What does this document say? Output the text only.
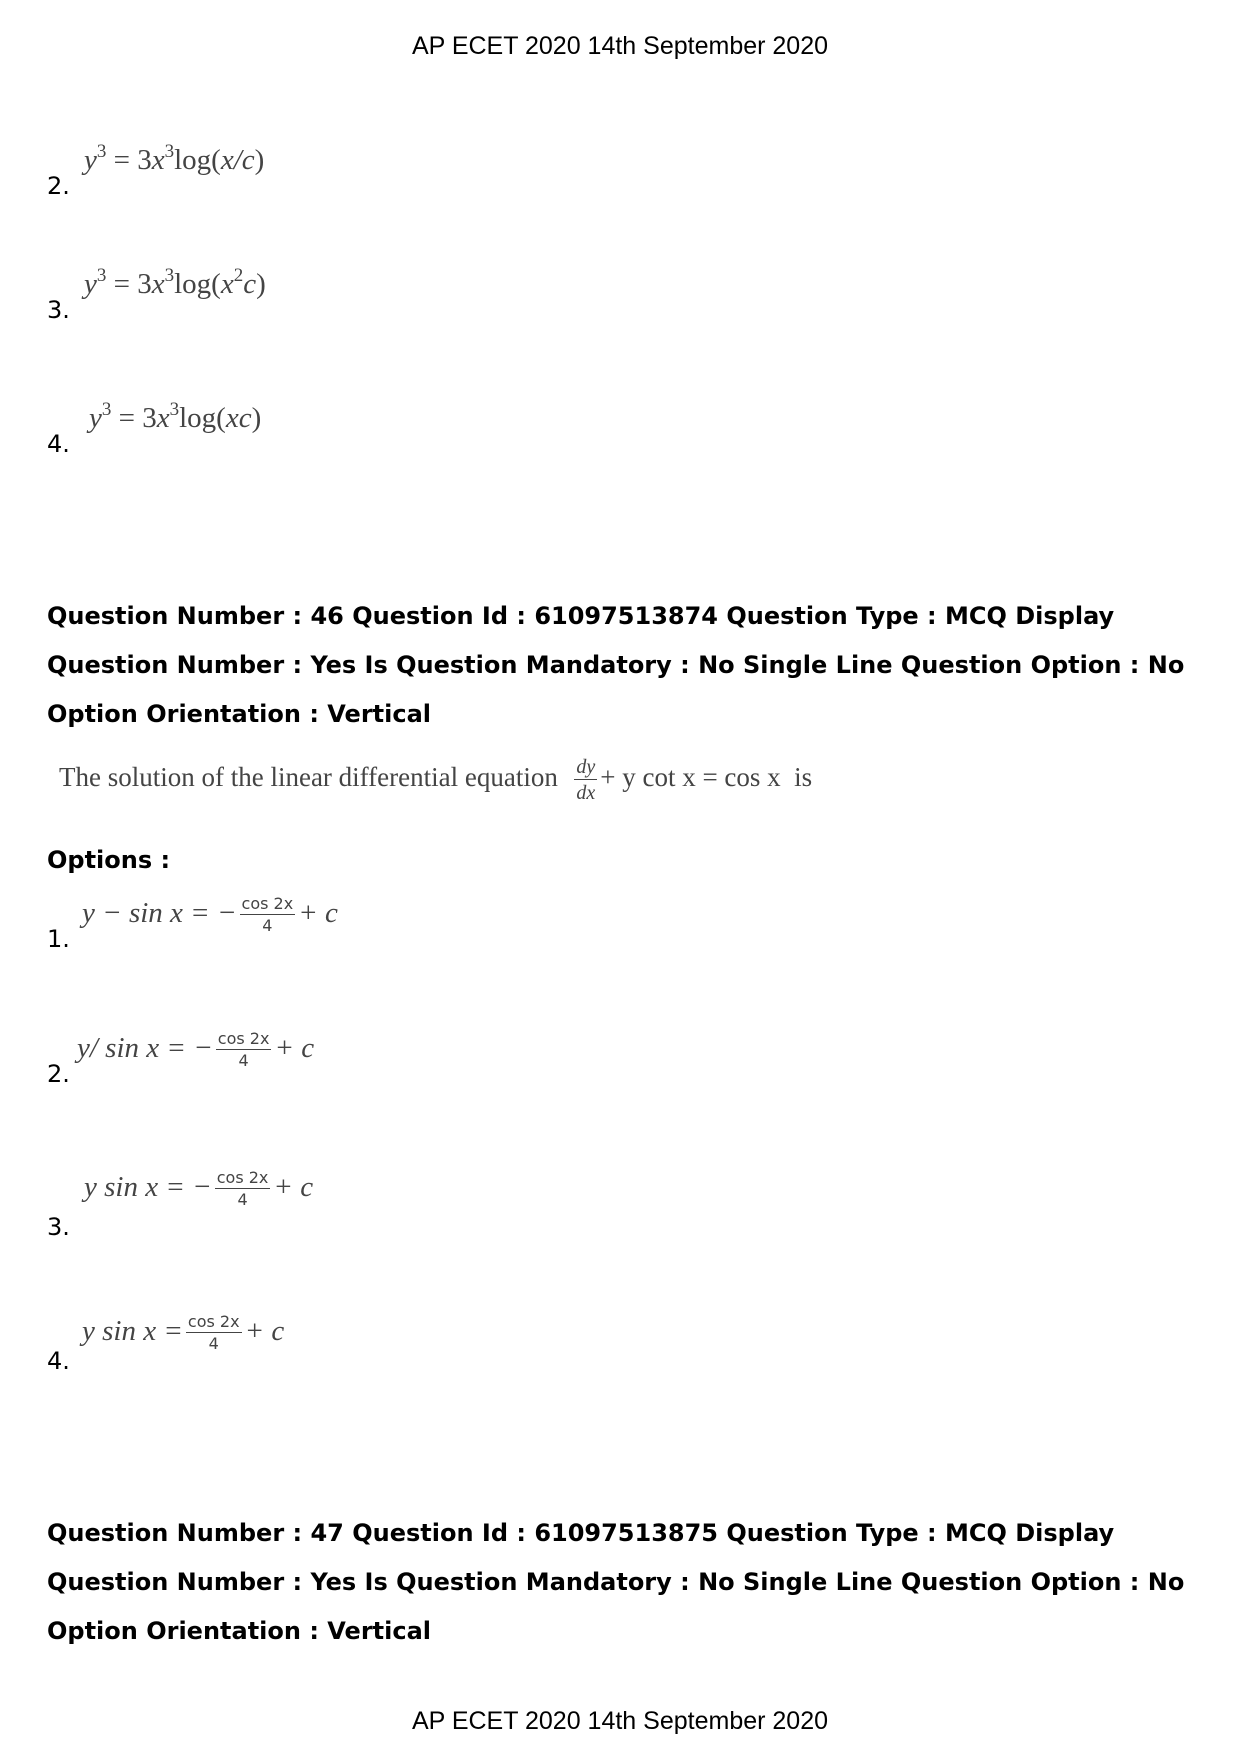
AP ECET 2020 14th September 2020
2.
$y^3 = 3x^3\log(x/c)$
3.
$y^3 = 3x^3\log(x^2c)$
4.
$y^3 = 3x^3\log(xc)$
Question Number : 46 Question Id : 61097513874 Question Type : MCQ Display Question Number : Yes Is Question Mandatory : No Single Line Question Option : No Option Orientation : Vertical
The solution of the linear differential equation $\frac{dy}{dx} + y$ cot x = cos x is
Options :
1.
y − sin x = − $\frac{\cos 2x}{4} + c$
2.
y/ sin x = − $\frac{\cos 2x}{4} + c$
3.
y sin x = − $\frac{\cos 2x}{4} + c$
4.
y $\sin x = \frac{\cos 2x}{4} + c$
Question Number : 47 Question Id : 61097513875 Question Type : MCQ Display Question Number : Yes Is Question Mandatory : No Single Line Question Option : No Option Orientation : Vertical
AP ECET 2020 14th September 2020
